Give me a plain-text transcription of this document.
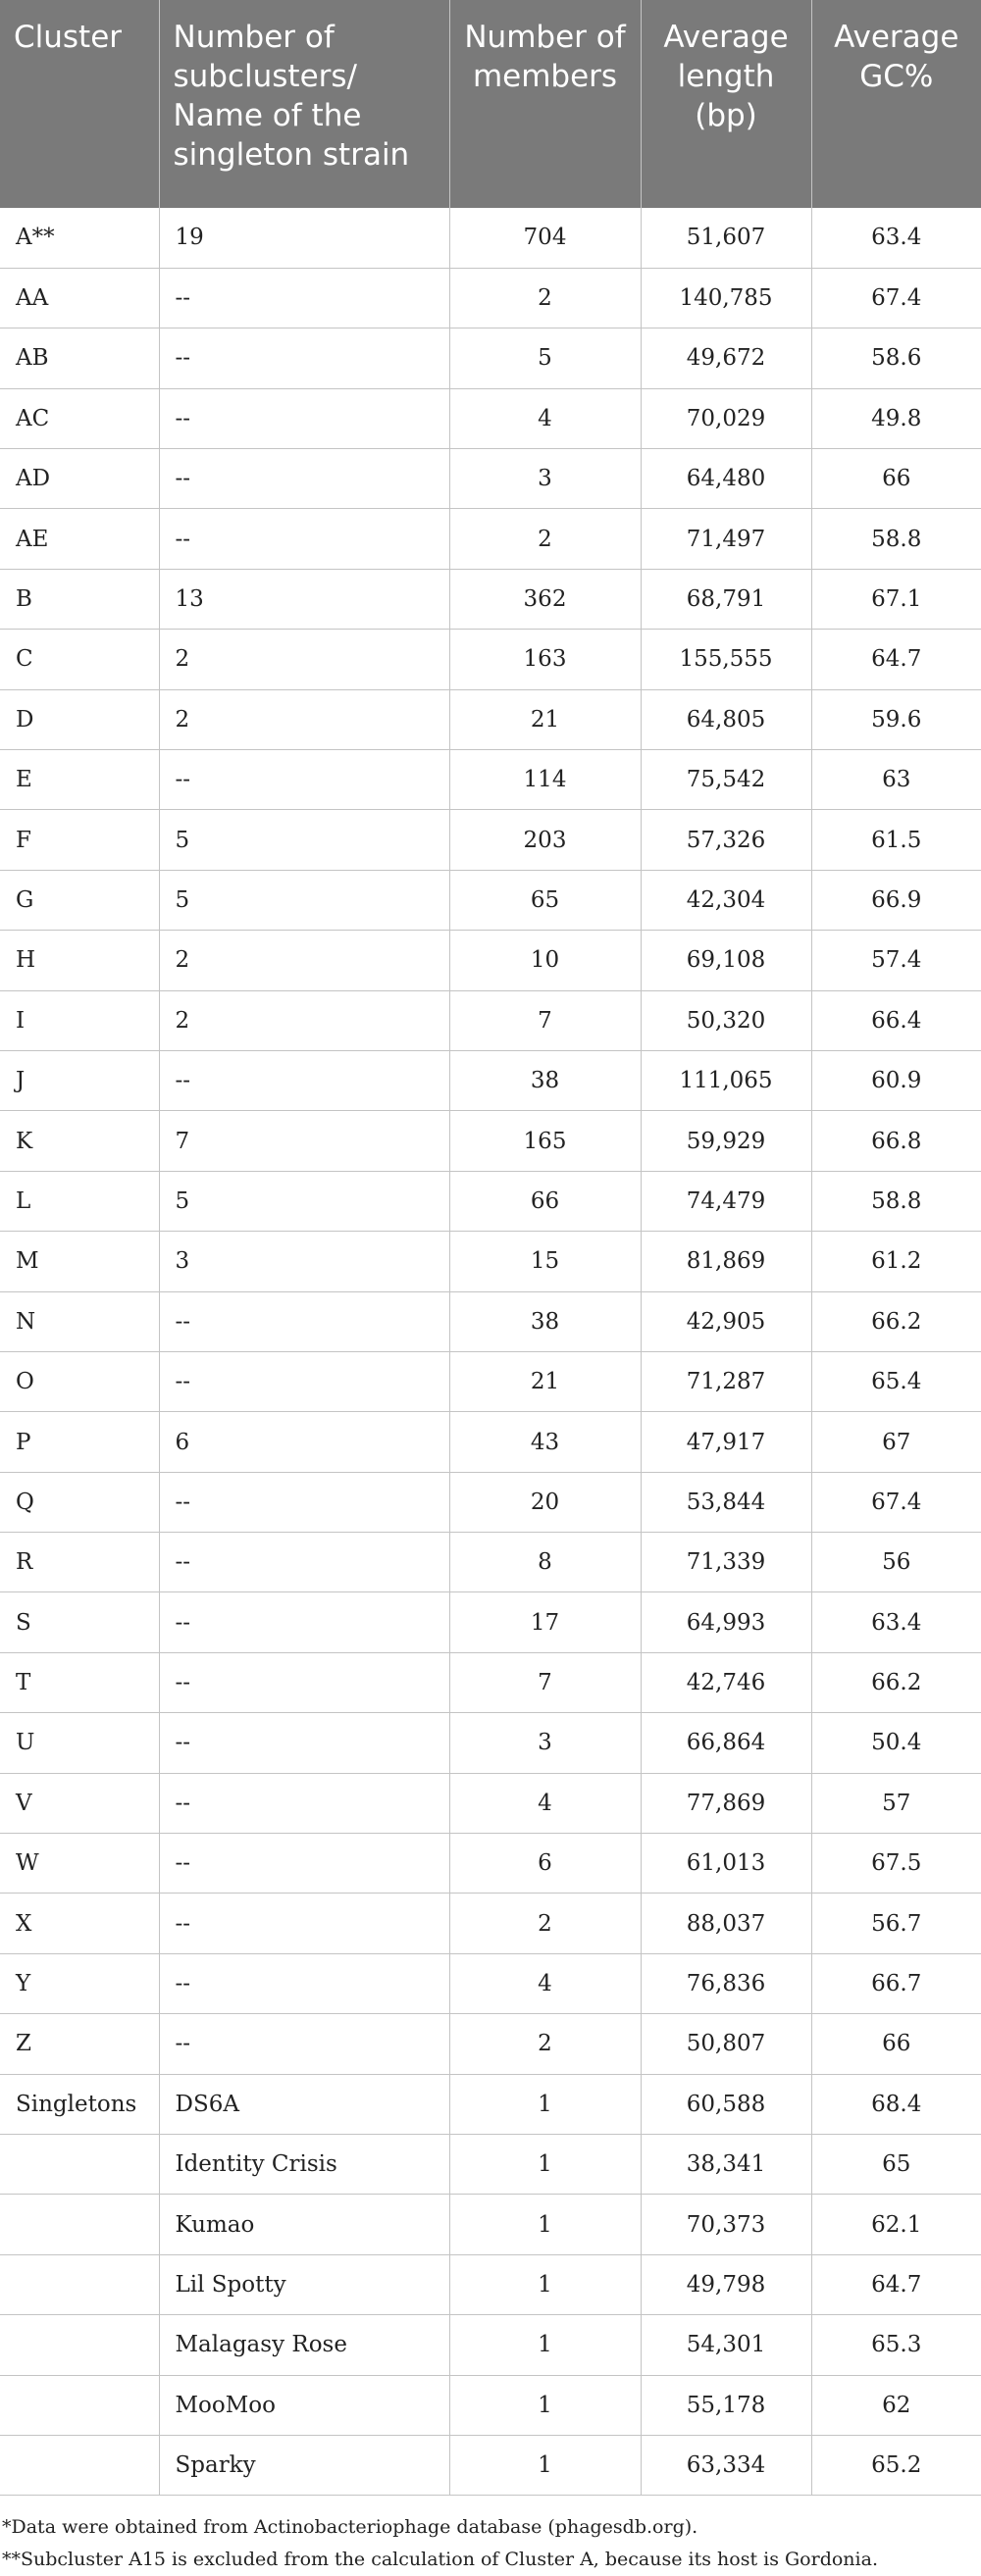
Cluster	Number of subclusters/ Name of the singleton strain	Number of members	Average length (bp)	Average GC%
A**	19	704	51,607	63.4
AA	--	2	140,785	67.4
AB	--	5	49,672	58.6
AC	--	4	70,029	49.8
AD	--	3	64,480	66
AE	--	2	71,497	58.8
B	13	362	68,791	67.1
C	2	163	155,555	64.7
D	2	21	64,805	59.6
E	--	114	75,542	63
F	5	203	57,326	61.5
G	5	65	42,304	66.9
H	2	10	69,108	57.4
I	2	7	50,320	66.4
J	--	38	111,065	60.9
K	7	165	59,929	66.8
L	5	66	74,479	58.8
M	3	15	81,869	61.2
N	--	38	42,905	66.2
O	--	21	71,287	65.4
P	6	43	47,917	67
Q	--	20	53,844	67.4
R	--	8	71,339	56
S	--	17	64,993	63.4
T	--	7	42,746	66.2
U	--	3	66,864	50.4
V	--	4	77,869	57
W	--	6	61,013	67.5
X	--	2	88,037	56.7
Y	--	4	76,836	66.7
Z	--	2	50,807	66
Singletons	DS6A	1	60,588	68.4
	Identity Crisis	1	38,341	65
	Kumao	1	70,373	62.1
	Lil Spotty	1	49,798	64.7
	Malagasy Rose	1	54,301	65.3
	MooMoo	1	55,178	62
	Sparky	1	63,334	65.2
*Data were obtained from Actinobacteriophage database (phagesdb.org).
**Subcluster A15 is excluded from the calculation of Cluster A, because its host is Gordonia.
